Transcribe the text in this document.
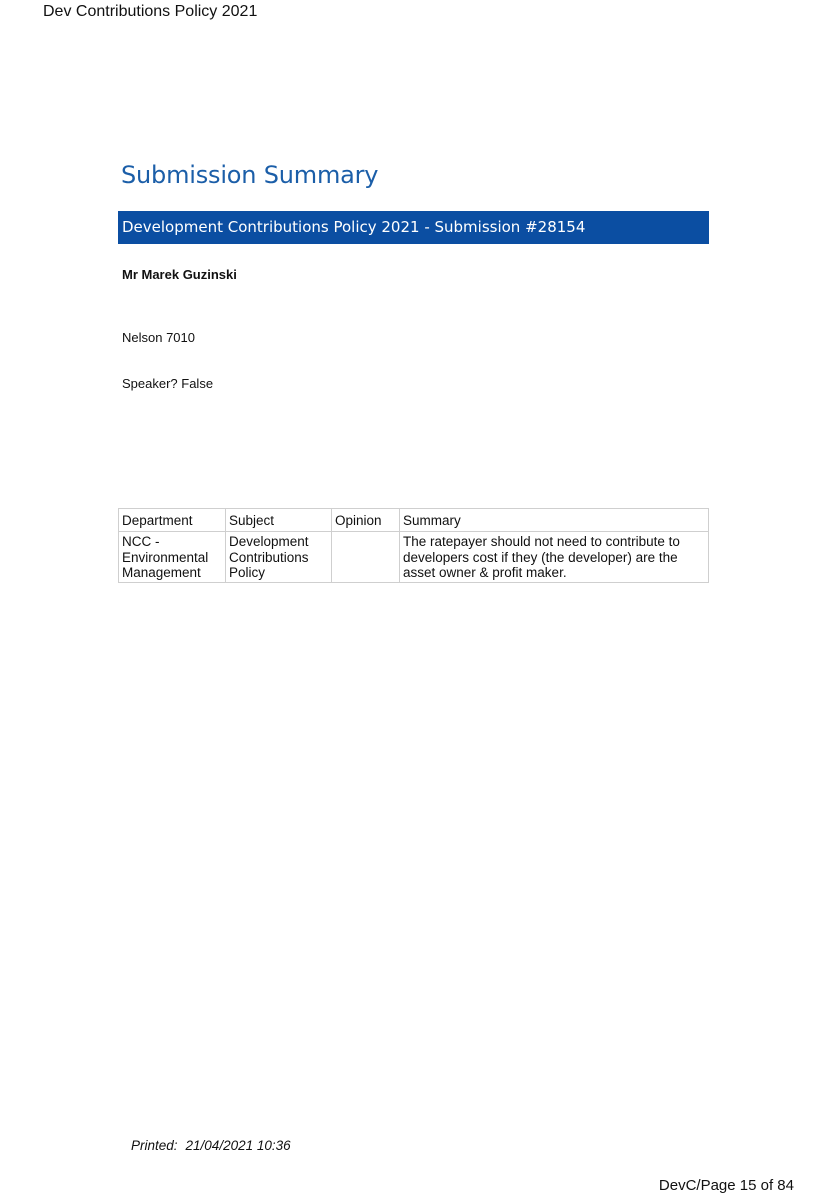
Dev Contributions Policy 2021
Submission Summary
Development Contributions Policy 2021 - Submission #28154
Mr Marek Guzinski
Nelson 7010
Speaker? False
Department	Subject	Opinion	Summary
NCC - Environmental Management	Development Contributions Policy		The ratepayer should not need to contribute to developers cost if they (the developer) are the asset owner & profit maker.
Printed: 21/04/2021 10:36
DevC/Page 15 of 84
